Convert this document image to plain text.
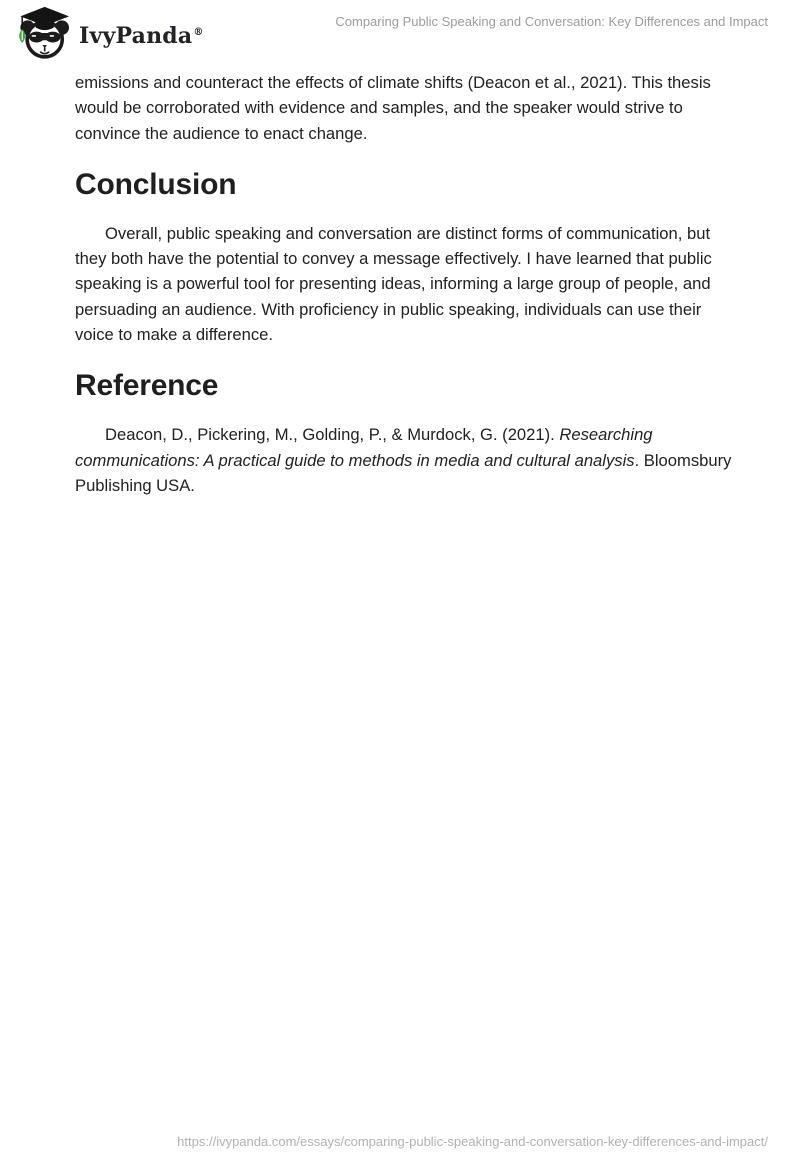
IvyPanda®
Comparing Public Speaking and Conversation: Key Differences and Impact

emissions and counteract the effects of climate shifts (Deacon et al., 2021). This thesis would be corroborated with evidence and samples, and the speaker would strive to convince the audience to enact change.

Conclusion

Overall, public speaking and conversation are distinct forms of communication, but they both have the potential to convey a message effectively. I have learned that public speaking is a powerful tool for presenting ideas, informing a large group of people, and persuading an audience. With proficiency in public speaking, individuals can use their voice to make a difference.

Reference

Deacon, D., Pickering, M., Golding, P., & Murdock, G. (2021). Researching communications: A practical guide to methods in media and cultural analysis. Bloomsbury Publishing USA.

https://ivypanda.com/essays/comparing-public-speaking-and-conversation-key-differences-and-impact/
